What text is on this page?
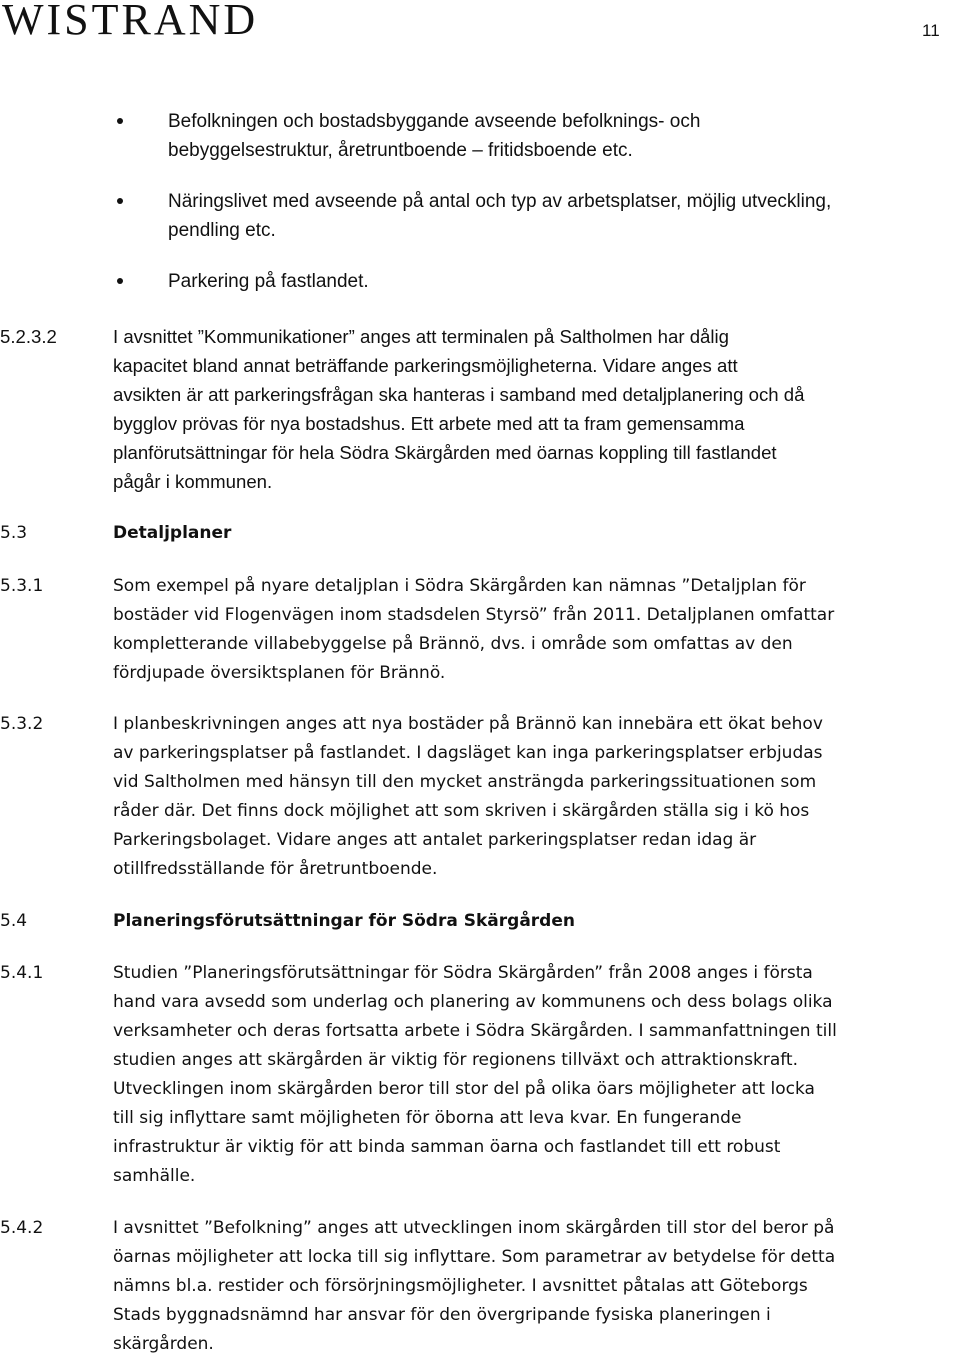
WISTRAND	11
Befolkningen och bostadsbyggande avseende befolknings- och bebyggelsestruktur, åretruntboende – fritidsboende etc.
Näringslivet med avseende på antal och typ av arbetsplatser, möjlig utveckling, pendling etc.
Parkering på fastlandet.
5.2.3.2	I avsnittet ”Kommunikationer” anges att terminalen på Saltholmen har dålig
kapacitet bland annat beträffande parkeringsmöjligheterna. Vidare anges att
avsikten är att parkeringsfrågan ska hanteras i samband med detaljplanering och då
bygglov prövas för nya bostadshus. Ett arbete med att ta fram gemensamma
planförutsättningar för hela Södra Skärgården med öarnas koppling till fastlandet
pågår i kommunen.
5.3	Detaljplaner
5.3.1	Som exempel på nyare detaljplan i Södra Skärgården kan nämnas ”Detaljplan för
bostäder vid Flogenvägen inom stadsdelen Styrsö” från 2011. Detaljplanen omfattar
kompletterande villabebyggelse på Brännö, dvs. i område som omfattas av den
fördjupade översiktsplanen för Brännö.
5.3.2	I planbeskrivningen anges att nya bostäder på Brännö kan innebära ett ökat behov
av parkeringsplatser på fastlandet. I dagsläget kan inga parkeringsplatser erbjudas
vid Saltholmen med hänsyn till den mycket ansträngda parkeringssituationen som
råder där. Det finns dock möjlighet att som skriven i skärgården ställa sig i kö hos
Parkeringsbolaget. Vidare anges att antalet parkeringsplatser redan idag är
otillfredsställande för åretruntboende.
5.4	Planeringsförutsättningar för Södra Skärgården
5.4.1	Studien ”Planeringsförutsättningar för Södra Skärgården” från 2008 anges i första
hand vara avsedd som underlag och planering av kommunens och dess bolags olika
verksamheter och deras fortsatta arbete i Södra Skärgården. I sammanfattningen till
studien anges att skärgården är viktig för regionens tillväxt och attraktionskraft.
Utvecklingen inom skärgården beror till stor del på olika öars möjligheter att locka
till sig inflyttare samt möjligheten för öborna att leva kvar. En fungerande
infrastruktur är viktig för att binda samman öarna och fastlandet till ett robust
samhälle.
5.4.2	I avsnittet ”Befolkning” anges att utvecklingen inom skärgården till stor del beror på
öarnas möjligheter att locka till sig inflyttare. Som parametrar av betydelse för detta
nämns bl.a. restider och försörjningsmöjligheter. I avsnittet påtalas att Göteborgs
Stads byggnadsnämnd har ansvar för den övergripande fysiska planeringen i
skärgården.
